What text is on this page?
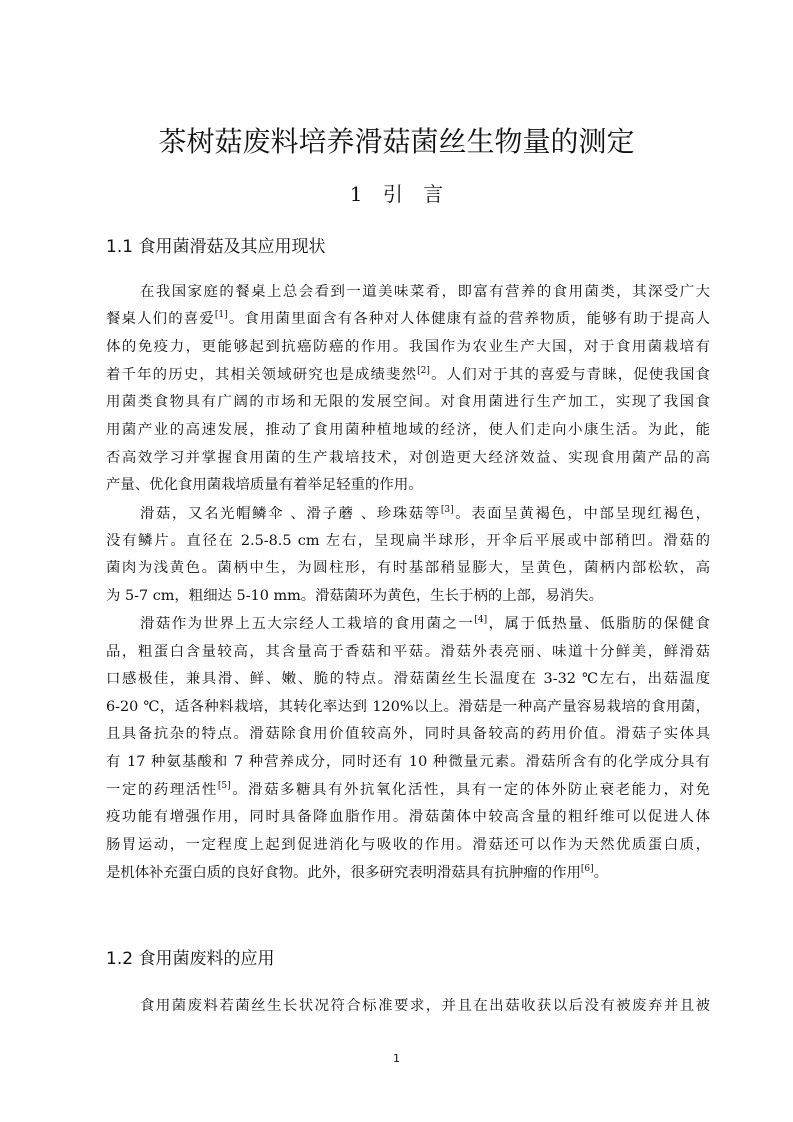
茶树菇废料培养滑菇菌丝生物量的测定
1 引 言
1.1 食用菌滑菇及其应用现状
在我国家庭的餐桌上总会看到一道美味菜肴，即富有营养的食用菌类，其深受广大
餐桌人们的喜爱[1]。食用菌里面含有各种对人体健康有益的营养物质，能够有助于提高人
体的免疫力，更能够起到抗癌防癌的作用。我国作为农业生产大国，对于食用菌栽培有
着千年的历史，其相关领域研究也是成绩斐然[2]。人们对于其的喜爱与青睐，促使我国食
用菌类食物具有广阔的市场和无限的发展空间。对食用菌进行生产加工，实现了我国食
用菌产业的高速发展，推动了食用菌种植地域的经济，使人们走向小康生活。为此，能
否高效学习并掌握食用菌的生产栽培技术，对创造更大经济效益、实现食用菌产品的高
产量、优化食用菌栽培质量有着举足轻重的作用。
滑菇，又名光帽鳞伞 、滑子蘑 、珍珠菇等[3]。表面呈黄褐色，中部呈现红褐色，
没有鳞片。直径在 2.5-8.5 cm 左右，呈现扁半球形，开伞后平展或中部稍凹。滑菇的
菌肉为浅黄色。菌柄中生，为圆柱形，有时基部稍显膨大，呈黄色，菌柄内部松软，高
为 5-7 cm，粗细达 5-10 mm。滑菇菌环为黄色，生长于柄的上部，易消失。
滑菇作为世界上五大宗经人工栽培的食用菌之一[4]，属于低热量、低脂肪的保健食
品，粗蛋白含量较高，其含量高于香菇和平菇。滑菇外表亮丽、味道十分鲜美，鲜滑菇
口感极佳，兼具滑、鲜、嫩、脆的特点。滑菇菌丝生长温度在 3-32 ℃左右，出菇温度
6-20 ℃，适各种料栽培，其转化率达到 120%以上。滑菇是一种高产量容易栽培的食用菌，
且具备抗杂的特点。滑菇除食用价值较高外，同时具备较高的药用价值。滑菇子实体具
有 17 种氨基酸和 7 种营养成分，同时还有 10 种微量元素。滑菇所含有的化学成分具有
一定的药理活性[5]。滑菇多糖具有外抗氧化活性，具有一定的体外防止衰老能力，对免
疫功能有增强作用，同时具备降血脂作用。滑菇菌体中较高含量的粗纤维可以促进人体
肠胃运动，一定程度上起到促进消化与吸收的作用。滑菇还可以作为天然优质蛋白质，
是机体补充蛋白质的良好食物。此外，很多研究表明滑菇具有抗肿瘤的作用[6]。
1.2 食用菌废料的应用
食用菌废料若菌丝生长状况符合标准要求，并且在出菇收获以后没有被废弃并且被
1
